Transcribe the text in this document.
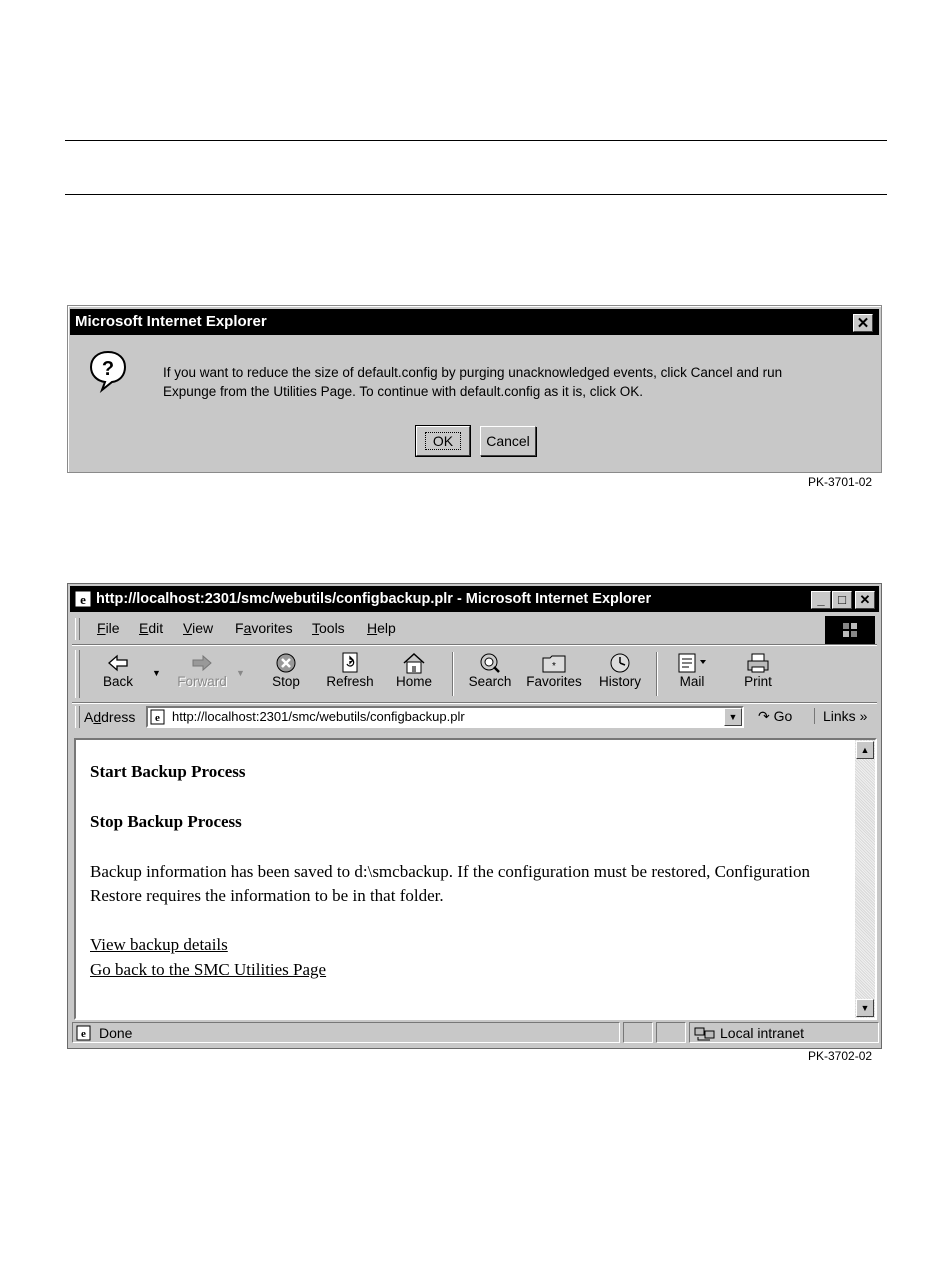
Microsoft Internet Explorer	✕
?	If you want to reduce the size of default.config by purging unacknowledged events, click Cancel and run
Expunge from the Utilities Page. To continue with default.config as it is, click OK.
OK	Cancel
PK-3701-02
e http://localhost:2301/smc/webutils/configbackup.plr - Microsoft Internet Explorer	_	□	✕
File Edit View Favorites Tools Help
Back
▼
Forward
▼
Stop	Refresh	Home	Search
*
Favorites	History	Mail	Print
Address e http://localhost:2301/smc/webutils/configbackup.plr	▼	↷ Go	Links »
Start Backup Process
Stop Backup Process
Backup information has been saved to d:\smcbackup. If the configuration must be restored, Configuration Restore requires the information to be in that folder.
View backup details
Go back to the SMC Utilities Page
▲
▼
e Done	Local intranet
PK-3702-02
